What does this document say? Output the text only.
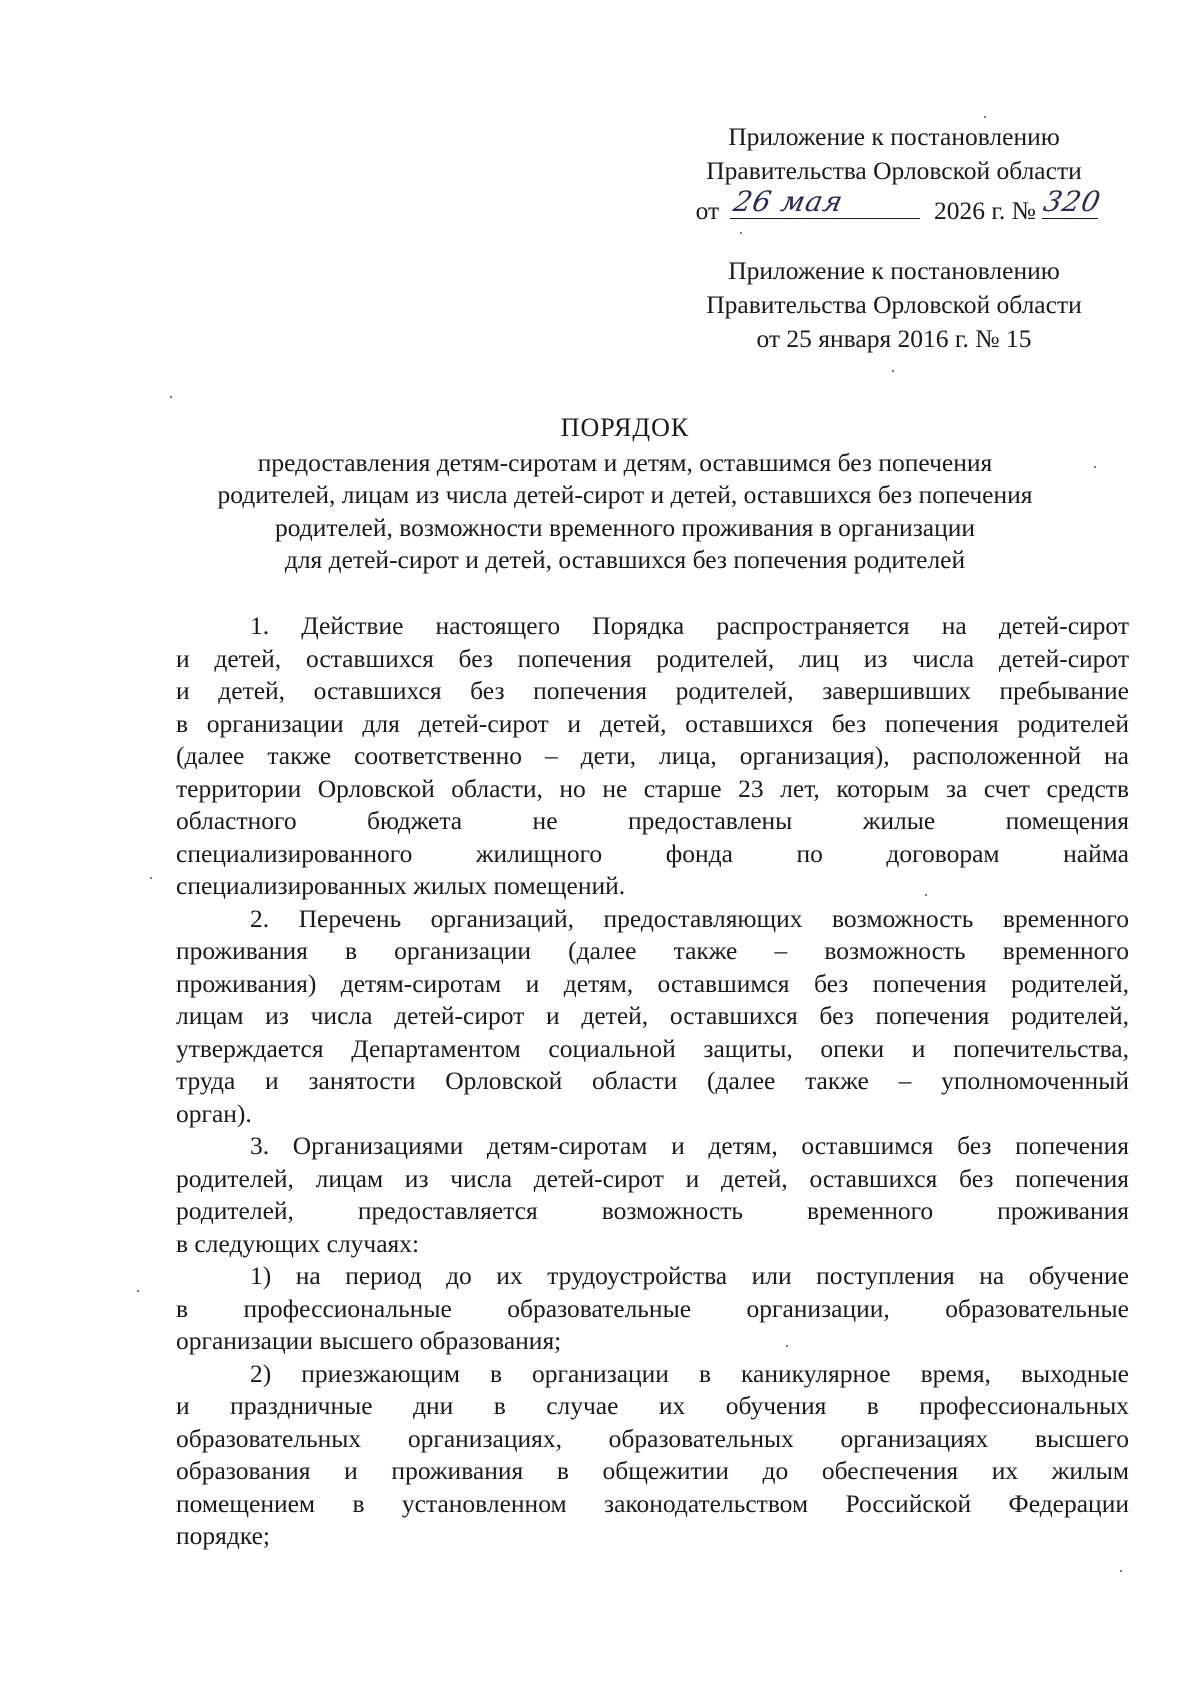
Приложение к постановлению
Правительства Орловской области
от 26 мая	2026 г. № 320
Приложение к постановлению
Правительства Орловской области
от 25 января 2016 г. № 15
ПОРЯДОК
предоставления детям-сиротам и детям, оставшимся без попечения
родителей, лицам из числа детей-сирот и детей, оставшихся без попечения
родителей, возможности временного проживания в организации
для детей-сирот и детей, оставшихся без попечения родителей
1. Действие настоящего Порядка распространяется на детей-сирот
и детей, оставшихся без попечения родителей, лиц из числа детей-сирот
и детей, оставшихся без попечения родителей, завершивших пребывание
в организации для детей-сирот и детей, оставшихся без попечения родителей
(далее также соответственно – дети, лица, организация), расположенной на
территории Орловской области, но не старше 23 лет, которым за счет средств
областного бюджета не предоставлены жилые помещения
специализированного жилищного фонда по договорам найма
специализированных жилых помещений.
2. Перечень организаций, предоставляющих возможность временного
проживания в организации (далее также – возможность временного
проживания) детям-сиротам и детям, оставшимся без попечения родителей,
лицам из числа детей-сирот и детей, оставшихся без попечения родителей,
утверждается Департаментом социальной защиты, опеки и попечительства,
труда и занятости Орловской области (далее также – уполномоченный
орган).
3. Организациями детям-сиротам и детям, оставшимся без попечения
родителей, лицам из числа детей-сирот и детей, оставшихся без попечения
родителей, предоставляется возможность временного проживания
в следующих случаях:
1) на период до их трудоустройства или поступления на обучение
в профессиональные образовательные организации, образовательные
организации высшего образования;
2) приезжающим в организации в каникулярное время, выходные
и праздничные дни в случае их обучения в профессиональных
образовательных организациях, образовательных организациях высшего
образования и проживания в общежитии до обеспечения их жилым
помещением в установленном законодательством Российской Федерации
порядке;
